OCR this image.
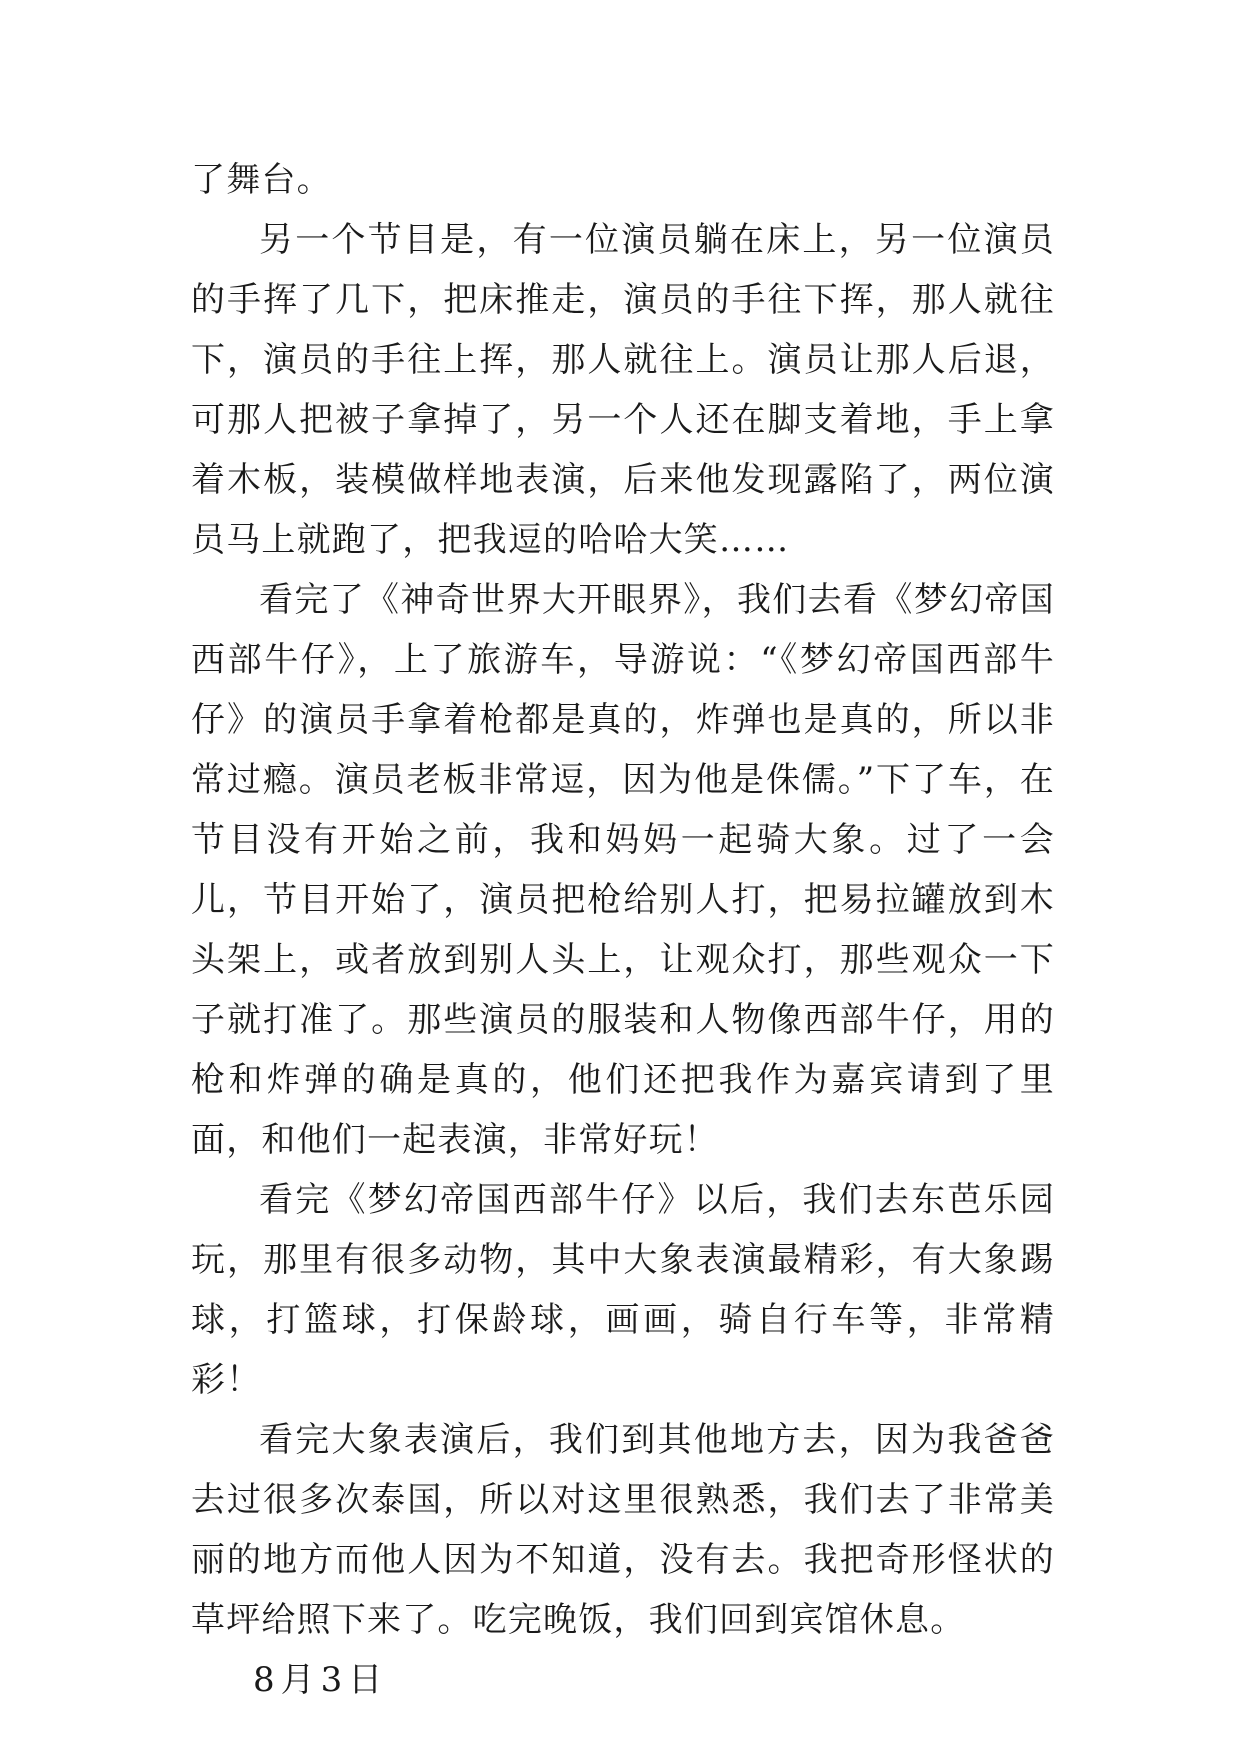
了舞台。

另一个节目是，有一位演员躺在床上，另一位演员的手挥了几下，把床推走，演员的手往下挥，那人就往下，演员的手往上挥，那人就往上。演员让那人后退，可那人把被子拿掉了，另一个人还在脚支着地，手上拿着木板，装模做样地表演，后来他发现露陷了，两位演员马上就跑了，把我逗的哈哈大笑……

看完了《神奇世界大开眼界》，我们去看《梦幻帝国西部牛仔》，上了旅游车，导游说：“《梦幻帝国西部牛仔》的演员手拿着枪都是真的，炸弹也是真的，所以非常过瘾。演员老板非常逗，因为他是侏儒。”下了车，在节目没有开始之前，我和妈妈一起骑大象。过了一会儿，节目开始了，演员把枪给别人打，把易拉罐放到木头架上，或者放到别人头上，让观众打，那些观众一下子就打准了。那些演员的服装和人物像西部牛仔，用的枪和炸弹的确是真的，他们还把我作为嘉宾请到了里面，和他们一起表演，非常好玩！

看完《梦幻帝国西部牛仔》以后，我们去东芭乐园玩，那里有很多动物，其中大象表演最精彩，有大象踢球，打篮球，打保龄球，画画，骑自行车等，非常精彩！

看完大象表演后，我们到其他地方去，因为我爸爸去过很多次泰国，所以对这里很熟悉，我们去了非常美丽的地方而他人因为不知道，没有去。我把奇形怪状的草坪给照下来了。吃完晚饭，我们回到宾馆休息。

8月3日
